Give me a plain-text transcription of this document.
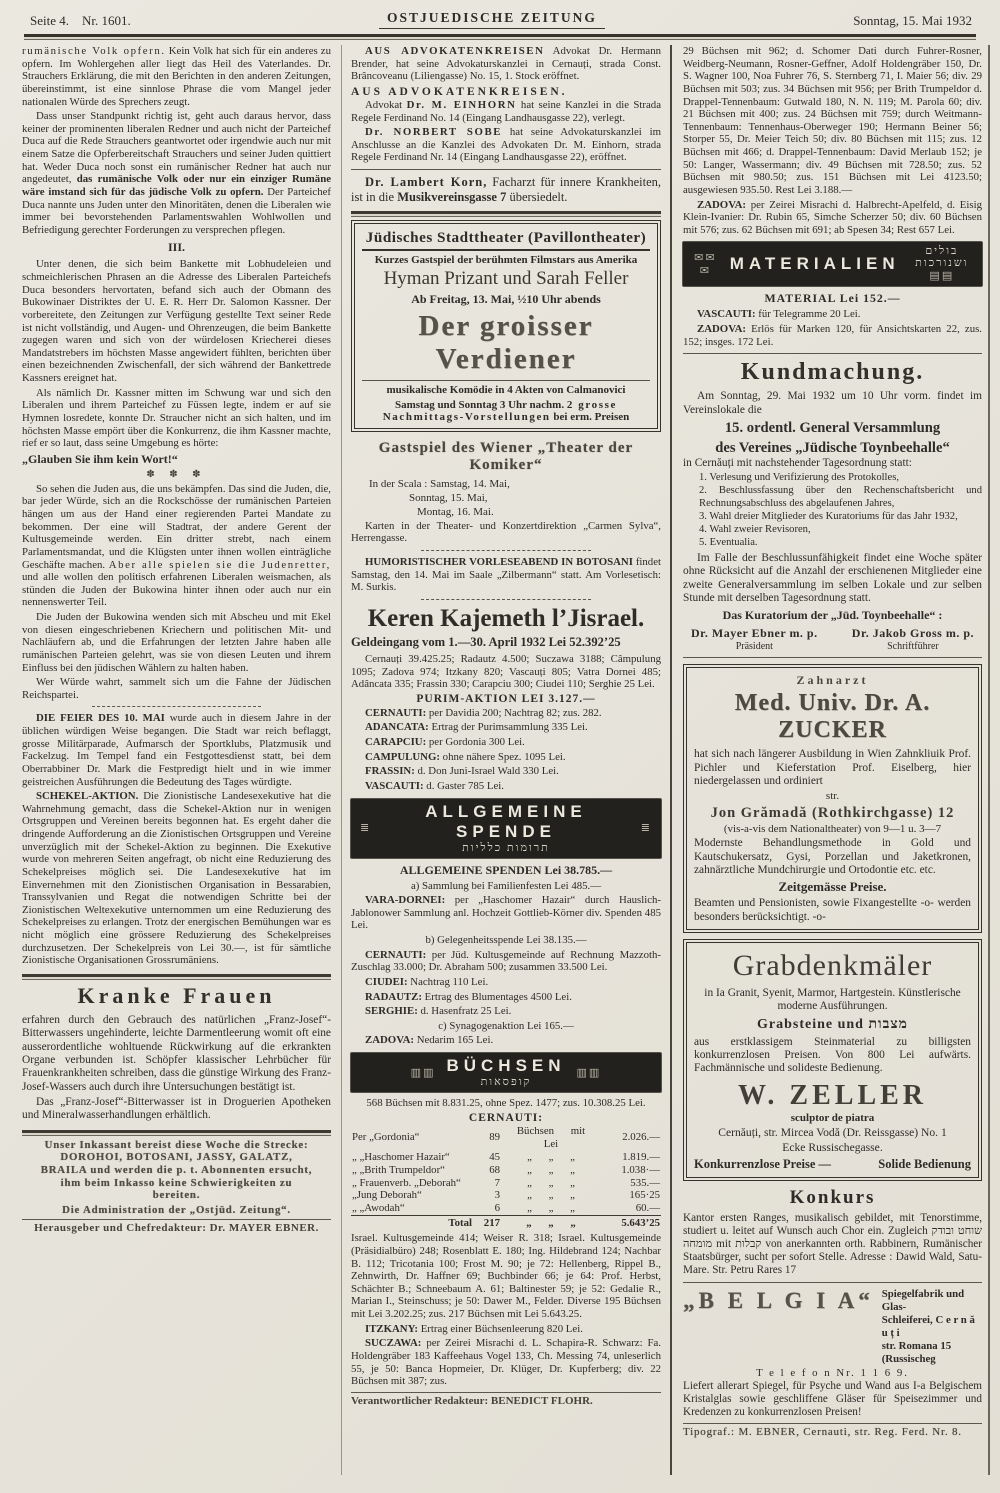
Seite 4. Nr. 1601.	OSTJUEDISCHE ZEITUNG	Sonntag, 15. Mai 1932

rumänische Volk opfern. Kein Volk hat sich für ein anderes zu opfern. Im Wohlergehen aller liegt das Heil des Vaterlandes. Dr. Strauchers Erklärung, die mit den Berichten in den anderen Zeitungen, übereinstimmt, ist eine sinnlose Phrase die vom Mangel jeder nationalen Würde des Sprechers zeugt.

Dass unser Standpunkt richtig ist, geht auch daraus hervor, dass keiner der prominenten liberalen Redner und auch nicht der Parteichef Duca auf die Rede Strauchers geantwortet oder irgendwie auch nur mit einem Satze die Opferbereitschaft Strauchers und seiner Juden quittiert hat. Weder Duca noch sonst ein rumänischer Redner hat auch nur angedeutet, das rumänische Volk oder nur ein einziger Rumäne wäre imstand sich für das jüdische Volk zu opfern. Der Parteichef Duca nannte uns Juden unter den Minoritäten, denen die Liberalen wie immer bei bevorstehenden Parlamentswahlen Wohlwollen und Befriedigung gerechter Forderungen zu versprechen pflegen.

III.

Unter denen, die sich beim Bankette mit Lobhudeleien und schmeichlerischen Phrasen an die Adresse des Liberalen Parteichefs Duca besonders hervortaten, befand sich auch der Obmann des Bukowinaer Distriktes der U. E. R. Herr Dr. Salomon Kassner. Der vorbereitete, den Zeitungen zur Verfügung gestellte Text seiner Rede ist nicht vollständig, und Augen- und Ohrenzeugen, die beim Bankette zugegen waren und sich von der würdelosen Kriecherei dieses Mandatstrebers im höchsten Masse angewidert fühlten, berichten über einen bezeichnenden Zwischenfall, der sich während der Bankettrede Kassners ereignet hat.

Als nämlich Dr. Kassner mitten im Schwung war und sich den Liberalen und ihrem Parteichef zu Füssen legte, indem er auf sie Hymnen losredete, konnte Dr. Straucher nicht an sich halten, und im höchsten Masse empört über die Konkurrenz, die ihm Kassner machte, rief er so laut, dass seine Umgebung es hörte:

„Glauben Sie ihm kein Wort!“

✽ ✽ ✽

So sehen die Juden aus, die uns bekämpfen. Das sind die Juden, die, bar jeder Würde, sich an die Rockschösse der rumänischen Parteien hängen um aus der Hand einer regierenden Partei Mandate zu bekommen. Der eine will Stadtrat, der andere Gerent der Kultusgemeinde werden. Ein dritter strebt, nach einem Parlamentsmandat, und die Klügsten unter ihnen wollen einträgliche Geschäfte machen. Aber alle spielen sie die Judenretter, und alle wollen den politisch erfahrenen Liberalen weismachen, als stünden die Juden der Bukowina hinter ihnen oder auch nur ein nennenswerter Teil.

Die Juden der Bukowina wenden sich mit Abscheu und mit Ekel von diesen eingeschriebenen Kriechern und politischen Mit- und Nachläufern ab, und die Erfahrungen der letzten Jahre haben alle rumänischen Parteien gelehrt, was sie von diesen Leuten und ihrem Einfluss bei den jüdischen Wählern zu halten haben.

Wer Würde wahrt, sammelt sich um die Fahne der Jüdischen Reichspartei.

DIE FEIER DES 10. MAI wurde auch in diesem Jahre in der üblichen würdigen Weise begangen. Die Stadt war reich beflaggt, grosse Militärparade, Aufmarsch der Sportklubs, Platzmusik und Fackelzug. Im Tempel fand ein Festgottesdienst statt, bei dem Oberrabbiner Dr. Mark die Festpredigt hielt und in wie immer geistreichen Ausführungen die Bedeutung des Tages würdigte.

SCHEKEL-AKTION. Die Zionistische Landesexekutive hat die Wahrnehmung gemacht, dass die Schekel-Aktion nur in wenigen Ortsgruppen und Vereinen bereits begonnen hat. Es ergeht daher die dringende Aufforderung an die Zionistischen Ortsgruppen und Vereine unverzüglich mit der Schekel-Aktion zu beginnen. Die Exekutive wurde von mehreren Seiten angefragt, ob nicht eine Reduzierung des Schekelpreises möglich sei. Die Landesexekutive hat im Einvernehmen mit den Zionistischen Organisation in Bessarabien, Transsylvanien und Regat die notwendigen Schritte bei der Zionistischen Weltexekutive unternommen um eine Reduzierung des Schekelpreises zu erlangen. Trotz der energischen Bemühungen war es nicht möglich eine grössere Reduzierung des Schekelpreises durchzusetzen. Der Schekelpreis von Lei 30.—, ist für sämtliche Zionistische Organisationen Grossrumäniens.

Kranke Frauen

erfahren durch den Gebrauch des natürlichen „Franz-Josef“-Bitterwassers ungehinderte, leichte Darmentleerung womit oft eine ausserordentliche wohltuende Rückwirkung auf die erkrankten Organe verbunden ist. Schöpfer klassischer Lehrbücher für Frauenkrankheiten schreiben, dass die günstige Wirkung des Franz-Josef-Wassers auch durch ihre Untersuchungen bestätigt ist.

Das „Franz-Josef“-Bitterwasser ist in Droguerien Apotheken und Mineralwasserhandlungen erhältlich.

Unser Inkassant bereist diese Woche die Strecke: DOROHOI, BOTOSANI, JASSY, GALATZ, BRAILA und werden die p. t. Abonnenten ersucht, ihm beim Inkasso keine Schwierigkeiten zu bereiten.

Die Administration der „Ostjüd. Zeitung“.

Herausgeber und Chefredakteur: Dr. MAYER EBNER.

AUS ADVOKATENKREISEN Advokat Dr. Hermann Brender, hat seine Advokaturskanzlei in Cernauți, strada Const. Brâncoveanu (Liliengasse) No. 15, 1. Stock eröffnet.

AUS ADVOKATENKREISEN.

Advokat Dr. M. EINHORN hat seine Kanzlei in die Strada Regele Ferdinand No. 14 (Eingang Landhausgasse 22), verlegt.

Dr. NORBERT SOBE hat seine Advokaturskanzlei im Anschlusse an die Kanzlei des Advokaten Dr. M. Einhorn, strada Regele Ferdinand Nr. 14 (Eingang Landhausgasse 22), eröffnet.

Dr. Lambert Korn, Facharzt für innere Krankheiten, ist in die Musikvereinsgasse 7 übersiedelt.

Jüdisches Stadttheater (Pavillontheater)
Kurzes Gastspiel der berühmten Filmstars aus Amerika
Hyman Prizant und Sarah Feller
Ab Freitag, 13. Mai, ½10 Uhr abends
Der groisser Verdiener
musikalische Komödie in 4 Akten von Calmanovici
Samstag und Sonntag 3 Uhr nachm. 2 grosse Nachmittags-Vorstellungen bei erm. Preisen
Gastspiel des Wiener „Theater der Komiker“

In der Scala : Samstag, 14. Mai,

Sonntag, 15. Mai,

Montag, 16. Mai.

Karten in der Theater- und Konzertdirektion „Carmen Sylva“, Herrengasse.

HUMORISTISCHER VORLESEABEND IN BOTOSANI findet Samstag, den 14. Mai im Saale „Zilbermann“ statt. Am Vorlesetisch: M. Surkis.

Keren Kajemeth l’Jisrael.
Geldeingang vom 1.—30. April 1932 Lei 52.392’25

Cernauți 39.425.25; Radautz 4.500; Suczawa 3188; Câmpulung 1095; Zadova 974; Itzkany 820; Vascauți 805; Vatra Dornei 485; Adâncata 335; Frassin 330; Carapciu 300; Ciudei 110; Serghie 25 Lei.

PURIM-AKTION LEI 3.127.—

CERNAUTI: per Davidia 200; Nachtrag 82; zus. 282.

ADANCATA: Ertrag der Purimsammlung 335 Lei.

CARAPCIU: per Gordonia 300 Lei.

CAMPULUNG: ohne nähere Spez. 1095 Lei.

FRASSIN: d. Don Juni-Israel Wald 330 Lei.

VASCAUTI: d. Gaster 785 Lei.

≣
ALLGEMEINE SPENDE
תרומות כלליות
≣
ALLGEMEINE SPENDEN Lei 38.785.—

a) Sammlung bei Familienfesten Lei 485.—

VARA-DORNEI: per „Haschomer Hazair“ durch Hauslich-Jablonower Sammlung anl. Hochzeit Gottlieb-Körner div. Spenden 485 Lei.

b) Gelegenheitsspende Lei 38.135.—

CERNAUTI: per Jüd. Kultusgemeinde auf Rechnung Mazzoth-Zuschlag 33.000; Dr. Abraham 500; zusammen 33.500 Lei.

CIUDEI: Nachtrag 110 Lei.

RADAUTZ: Ertrag des Blumentages 4500 Lei.

SERGHIE: d. Hasenfratz 25 Lei.

c) Synagogenaktion Lei 165.—

ZADOVA: Nedarim 165 Lei.

▥▥ BÜCHSEN
קופסאות
▥▥

568 Büchsen mit 8.831.25, ohne Spez. 1477; zus. 10.308.25 Lei.

CERNAUTI:
Per „Gordonia“	89	Büchsen mit Lei	2.026.—
„ „Haschomer Hazair“	45	„ „ „	1.819.—
„ „Brith Trumpeldor“	68	„ „ „	1.038·—
„ Frauenverb. „Deborah“	7	„ „ „	535.—
„Jung Deborah“	3	„ „ „	165·25
„ „Awodah“	6	„ „ „	60.—
Total	217	„ „ „	5.643’25

Israel. Kultusgemeinde 414; Weiser R. 318; Israel. Kultusgemeinde (Präsidialbüro) 248; Rosenblatt E. 180; Ing. Hildebrand 124; Nachbar B. 112; Tricotania 100; Frost M. 90; je 72: Hellenberg, Rippel B., Zehnwirth, Dr. Haffner 69; Buchbinder 66; je 64: Prof. Herbst, Schächter B.; Schneebaum A. 61; Baltinester 59; je 52: Gedalie R., Marian I., Steinschuss; je 50: Dawer M., Felder. Diverse 195 Büchsen mit Lei 3.202.25; zus. 217 Büchsen mit Lei 5.643.25.

ITZKANY: Ertrag einer Büchsenleerung 820 Lei.

SUCZAWA: per Zeirei Misrachi d. L. Schapira-R. Schwarz: Fa. Holdengräber 183 Kaffeehaus Vogel 133, Ch. Messing 74, unleserlich 55, je 50: Banca Hopmeier, Dr. Klüger, Dr. Kupferberg; div. 22 Büchsen mit 387; zus.

Verantwortlicher Redakteur: BENEDICT FLOHR.

29 Büchsen mit 962; d. Schomer Dati durch Fuhrer-Rosner, Weidberg-Neumann, Rosner-Geffner, Adolf Holdengräber 150, Dr. S. Wagner 100, Noa Fuhrer 76, S. Sternberg 71, I. Maier 56; div. 29 Büchsen mit 503; zus. 34 Büchsen mit 956; per Brith Trumpeldor d. Drappel-Tennenbaum: Gutwald 180, N. N. 119; M. Parola 60; div. 21 Büchsen mit 400; zus. 24 Büchsen mit 759; durch Weitmann-Tennenbaum: Tennenhaus-Oberweger 190; Hermann Beiner 56; Storper 55, Dr. Meier Teich 50; div. 80 Büchsen mit 115; zus. 12 Büchsen mit 466; d. Drappel-Tennenbaum: David Merlaub 152; je 50: Langer, Wassermann; div. 49 Büchsen mit 728.50; zus. 52 Büchsen mit 980.50; zus. 151 Büchsen mit Lei 4123.50; ausgewiesen 935.50. Rest Lei 3.188.—

ZADOVA: per Zeirei Misrachi d. Halbrecht-Apelfeld, d. Eisig Klein-Ivanier: Dr. Rubin 65, Simche Scherzer 50; div. 60 Büchsen mit 576; zus. 62 Büchsen mit 691; ab Spesen 34; Rest 657 Lei.

✉✉✉	MATERIALIEN
בולים ושנורכות
▤▤
MATERIAL Lei 152.—

VASCAUTI: für Telegramme 20 Lei.

ZADOVA: Erlös für Marken 120, für Ansichtskarten 22, zus. 152; insges. 172 Lei.

Kundmachung.

Am Sonntag, 29. Mai 1932 um 10 Uhr vorm. findet im Vereinslokale die

15. ordentl. General Versammlung
des Vereines „Jüdische Toynbeehalle“

in Cernăuți mit nachstehender Tagesordnung statt:

1. Verlesung und Verifizierung des Protokolles,
2. Beschlussfassung über den Rechenschaftsbericht und Rechnungsabschluss des abgelaufenen Jahres,
3. Wahl dreier Mitglieder des Kuratoriums für das Jahr 1932,
4. Wahl zweier Revisoren,
5. Eventualia.

Im Falle der Beschlussunfähigkeit findet eine Woche später ohne Rücksicht auf die Anzahl der erschienenen Mitglieder eine zweite Generalversammlung im selben Lokale und zur selben Stunde mit derselben Tagesordnung statt.

Das Kuratorium der „Jüd. Toynbeehalle“ :
Dr. Mayer Ebner m. p.
Präsident
Dr. Jakob Gross m. p.
Schriftführer
Zahnarzt
Med. Univ. Dr. A. ZUCKER

hat sich nach längerer Ausbildung in Wien Zahnkliuik Prof. Pichler und Kieferstation Prof. Eiselberg, hier niedergelassen und ordiniert

str.
Jon Grămadă (Rothkirchgasse) 12
(vis-a-vis dem Nationaltheater) von 9—1 u. 3—7

Modernste Behandlungsmethode in Gold und Kautschukersatz, Gysi, Porzellan und Jaketkronen, zahnärztliche Mundchirurgie und Ortodontie etc. etc.

Zeitgemässe Preise.

Beamten und Pensionisten, sowie Fixangestellte -o- werden besonders berücksichtigt. -o-

Grabdenkmäler

in Ia Granit, Syenit, Marmor, Hartgestein. Künstlerische moderne Ausführungen.

Grabsteine und מצבות

aus erstklassigem Steinmaterial zu billigsten konkurrenzlosen Preisen. Von 800 Lei aufwärts. Fachmännische und solideste Bedienung.

W. ZELLER
sculptor de piatra
Cernăuți, str. Mircea Vodă (Dr. Reissgasse) No. 1
Ecke Russischegasse.
Konkurrenzlose Preise —	Solide Bedienung
Konkurs

Kantor ersten Ranges, musikalisch gebildet, mit Tenorstimme, studiert u. leitet auf Wunsch auch Chor ein. Zugleich שוחט ובודק מומחה mit קבלות von anerkannten orth. Rabbinern, Rumänischer Staatsbürger, sucht per sofort Stelle. Adresse : Dawid Wald, Satu-Mare. Str. Petru Rares 17

„B E L G I A“ Spiegelfabrik und Glas-
Schleiferei, C e r n ă u ț i
str. Romana 15 (Russischeg
T e l e f o n Nr. 1 1 6 9.

Liefert allerart Spiegel, für Psyche und Wand aus I-a Belgischem Kristalglas sowie geschliffene Gläser für Speisezimmer und Kredenzen zu konkurrenzlosen Preisen!

Tipograf.: M. EBNER, Cernauti, str. Reg. Ferd. Nr. 8.
